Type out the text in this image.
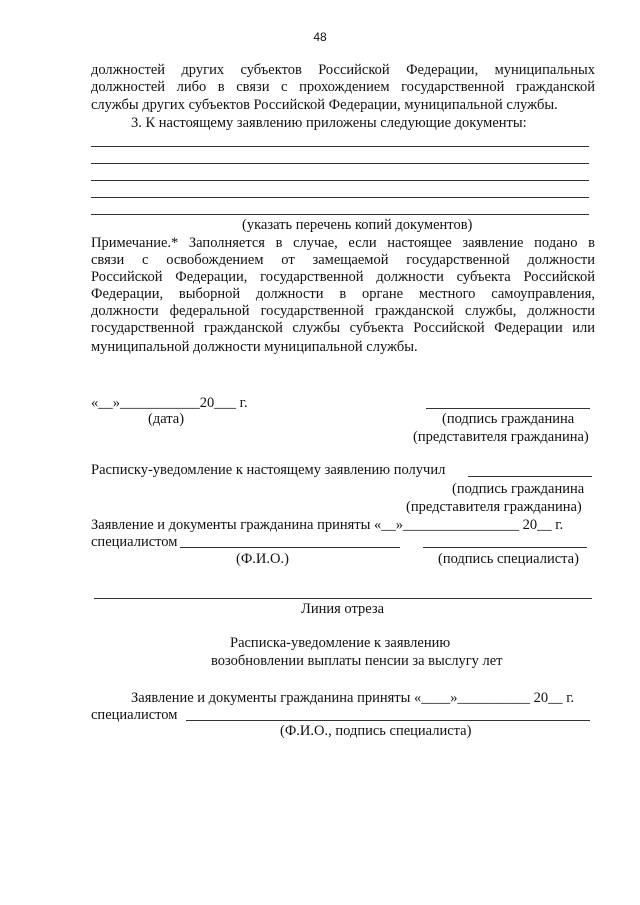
48
должностей других субъектов Российской Федерации, муниципальных
должностей либо в связи с прохождением государственной гражданской
службы других субъектов Российской Федерации, муниципальной службы.
3. К настоящему заявлению приложены следующие документы:
(указать перечень копий документов)
Примечание.* Заполняется в случае, если настоящее заявление подано в
связи с освобождением от замещаемой государственной должности
Российской Федерации, государственной должности субъекта Российской
Федерации, выборной должности в органе местного самоуправления,
должности федеральной государственной гражданской службы, должности
государственной гражданской службы субъекта Российской Федерации или
муниципальной должности муниципальной службы.
«__»___________20___ г.
(дата)	(подпись гражданина
(представителя гражданина)
Расписку-уведомление к настоящему заявлению получил
(подпись гражданина
(представителя гражданина)
Заявление и документы гражданина приняты «__»________________ 20__ г.
специалистом
(Ф.И.О.)	(подпись специалиста)
Линия отреза
Расписка-уведомление к заявлению
возобновлении выплаты пенсии за выслугу лет
Заявление и документы гражданина приняты «____»__________ 20__ г.
специалистом
(Ф.И.О., подпись специалиста)
